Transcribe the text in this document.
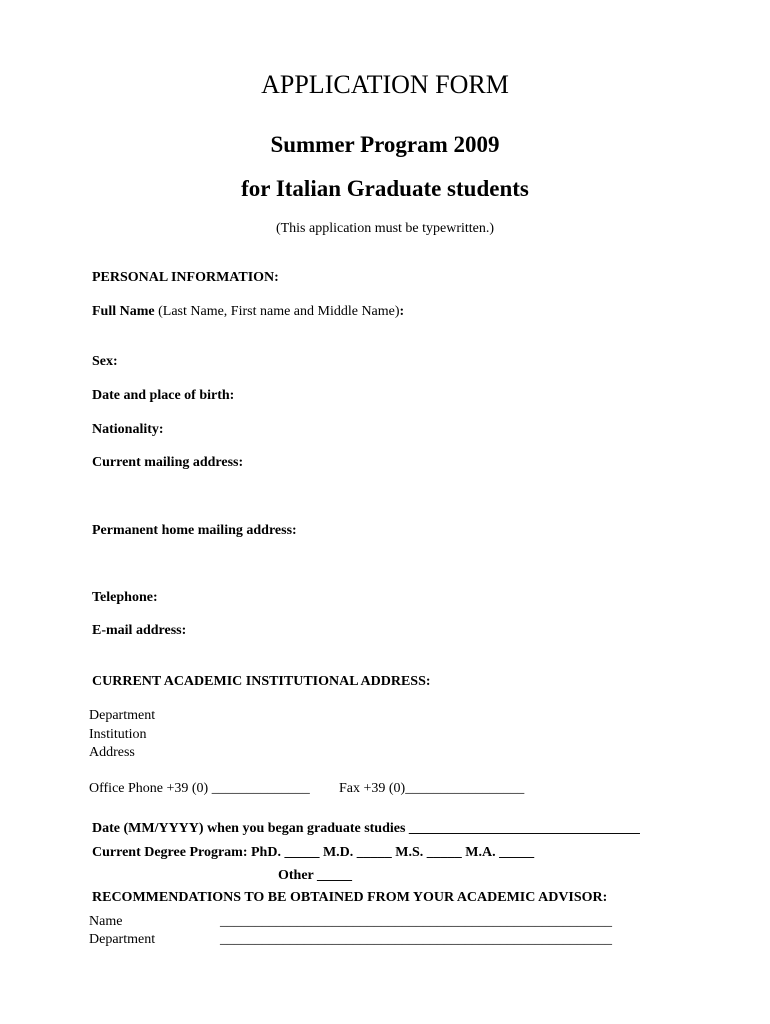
APPLICATION FORM
Summer Program 2009
for Italian Graduate students
(This application must be typewritten.)
PERSONAL INFORMATION:
Full Name (Last Name, First name and Middle Name):
Sex:
Date and place of birth:
Nationality:
Current mailing address:
Permanent home mailing address:
Telephone:
E-mail address:
CURRENT ACADEMIC INSTITUTIONAL ADDRESS:
Department
Institution
Address
Office Phone +39 (0) ______________ Fax +39 (0)_________________
Date (MM/YYYY) when you began graduate studies _________________________________
Current Degree Program: PhD. _____ M.D. _____ M.S. _____ M.A. _____
Other _____
RECOMMENDATIONS TO BE OBTAINED FROM YOUR ACADEMIC ADVISOR:
Name	________________________________________________________
Department	________________________________________________________
